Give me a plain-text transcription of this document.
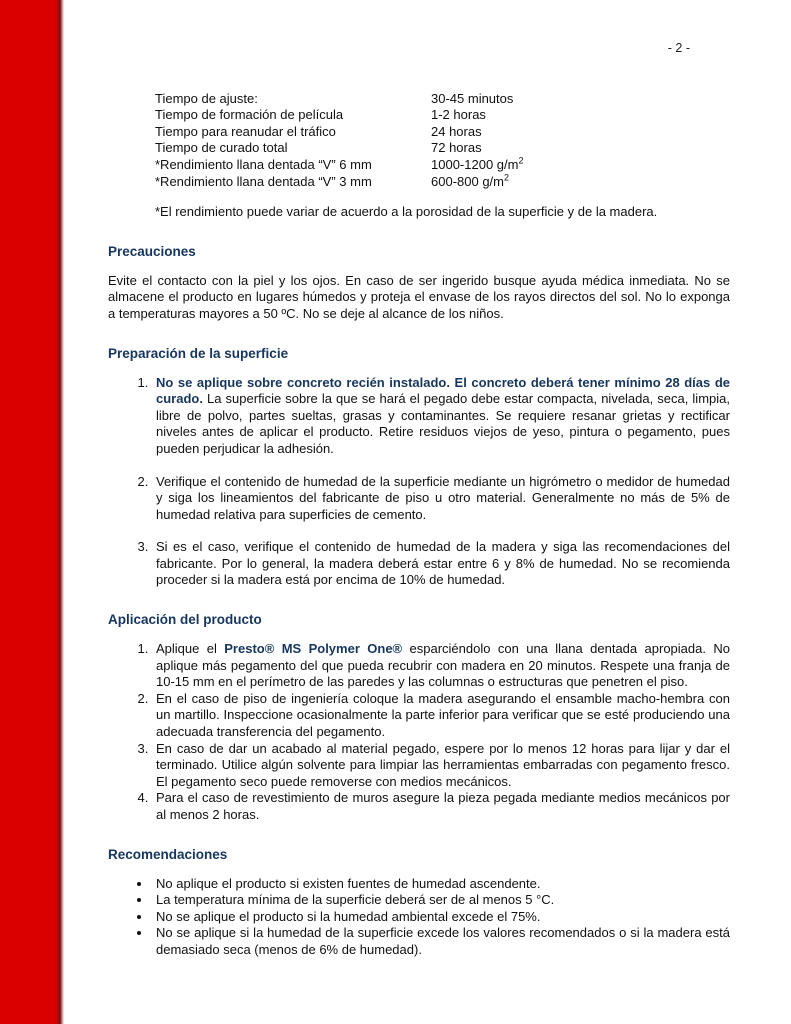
- 2 -
Tiempo de ajuste:	30-45 minutos
Tiempo de formación de película	1-2 horas
Tiempo para reanudar el tráfico	24 horas
Tiempo de curado total	72 horas
*Rendimiento llana dentada “V” 6 mm	1000-1200 $g/m^2$
*Rendimiento llana dentada “V” 3 mm	600-800 $g/m^2$
*El rendimiento puede variar de acuerdo a la porosidad de la superficie y de la madera.
Precauciones

Evite el contacto con la piel y los ojos. En caso de ser ingerido busque ayuda médica inmediata. No se almacene el producto en lugares húmedos y proteja el envase de los rayos directos del sol. No lo exponga a temperaturas mayores a 50 ºC. No se deje al alcance de los niños.

Preparación de la superficie
1. No se aplique sobre concreto recién instalado. El concreto deberá tener mínimo 28 días de curado. La superficie sobre la que se hará el pegado debe estar compacta, nivelada, seca, limpia, libre de polvo, partes sueltas, grasas y contaminantes. Se requiere resanar grietas y rectificar niveles antes de aplicar el producto. Retire residuos viejos de yeso, pintura o pegamento, pues pueden perjudicar la adhesión.
2. Verifique el contenido de humedad de la superficie mediante un higrómetro o medidor de humedad y siga los lineamientos del fabricante de piso u otro material. Generalmente no más de 5% de humedad relativa para superficies de cemento.
3. Si es el caso, verifique el contenido de humedad de la madera y siga las recomendaciones del fabricante. Por lo general, la madera deberá estar entre 6 y 8% de humedad. No se recomienda proceder si la madera está por encima de 10% de humedad.
Aplicación del producto
1. Aplique el Presto® MS Polymer One® esparciéndolo con una llana dentada apropiada. No aplique más pegamento del que pueda recubrir con madera en 20 minutos. Respete una franja de 10-15 mm en el perímetro de las paredes y las columnas o estructuras que penetren el piso.
2. En el caso de piso de ingeniería coloque la madera asegurando el ensamble macho-hembra con un martillo. Inspeccione ocasionalmente la parte inferior para verificar que se esté produciendo una adecuada transferencia del pegamento.
3. En caso de dar un acabado al material pegado, espere por lo menos 12 horas para lijar y dar el terminado. Utilice algún solvente para limpiar las herramientas embarradas con pegamento fresco. El pegamento seco puede removerse con medios mecánicos.
4. Para el caso de revestimiento de muros asegure la pieza pegada mediante medios mecánicos por al menos 2 horas.
Recomendaciones
• No aplique el producto si existen fuentes de humedad ascendente.
• La temperatura mínima de la superficie deberá ser de al menos 5 °C.
• No se aplique el producto si la humedad ambiental excede el 75%.
• No se aplique si la humedad de la superficie excede los valores recomendados o si la madera está demasiado seca (menos de 6% de humedad).
